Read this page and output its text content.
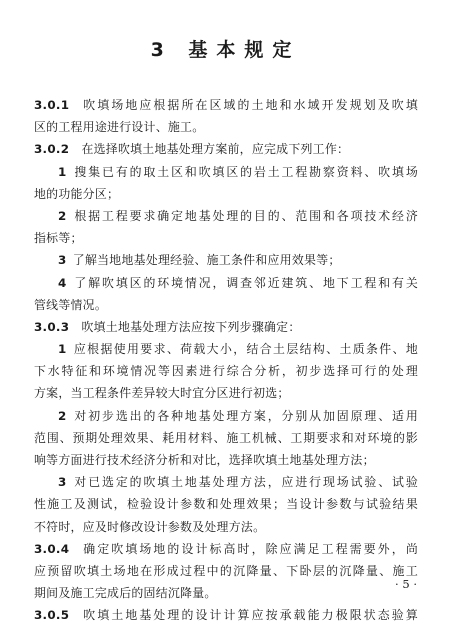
3 基本规定
3.0.1  吹填场地应根据所在区域的土地和水域开发规划及吹填
区的工程用途进行设计、施工。
3.0.2  在选择吹填土地基处理方案前，应完成下列工作：
1  搜集已有的取土区和吹填区的岩土工程勘察资料、吹填场
地的功能分区；
2  根据工程要求确定地基处理的目的、范围和各项技术经济
指标等；
3  了解当地地基处理经验、施工条件和应用效果等；
4  了解吹填区的环境情况，调查邻近建筑、地下工程和有关
管线等情况。
3.0.3  吹填土地基处理方法应按下列步骤确定：
1  应根据使用要求、荷载大小，结合土层结构、土质条件、地
下水特征和环境情况等因素进行综合分析，初步选择可行的处理
方案，当工程条件差异较大时宜分区进行初选；
2  对初步选出的各种地基处理方案，分别从加固原理、适用
范围、预期处理效果、耗用材料、施工机械、工期要求和对环境的影
响等方面进行技术经济分析和对比，选择吹填土地基处理方法；
3  对已选定的吹填土地基处理方法，应进行现场试验、试验
性施工及测试，检验设计参数和处理效果；当设计参数与试验结果
不符时，应及时修改设计参数及处理方法。
3.0.4  确定吹填场地的设计标高时，除应满足工程需要外，尚
应预留吹填土场地在形成过程中的沉降量、下卧层的沉降量、施工
期间及施工完成后的固结沉降量。
3.0.5  吹填土地基处理的设计计算应按承载能力极限状态验算
· 5 ·
